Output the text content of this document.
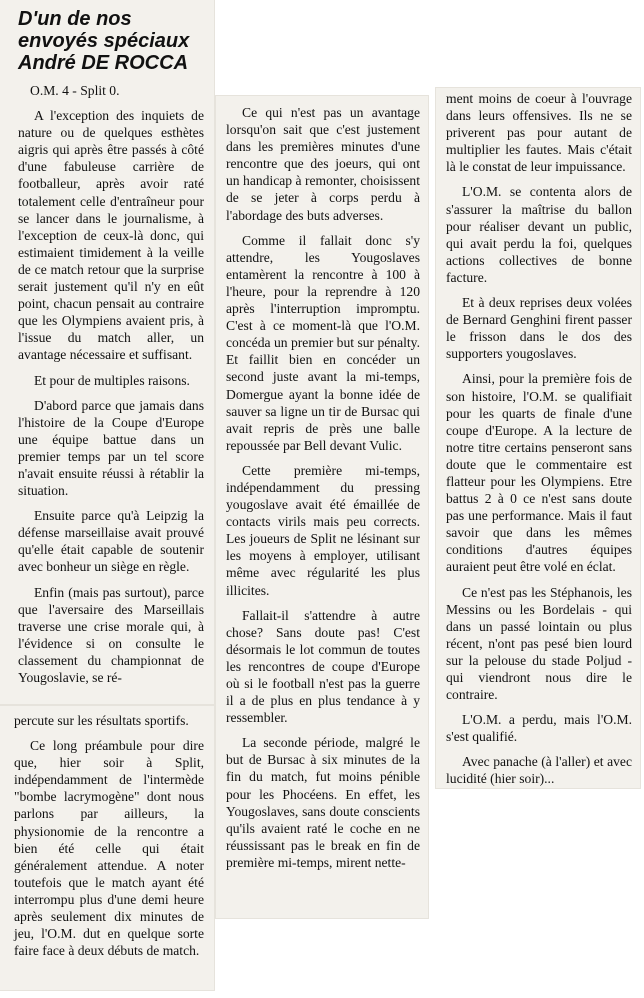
D'un de nos
envoyés spéciaux
André DE ROCCA
O.M. 4 - Split 0.

A l'exception des inquiets de nature ou de quelques esthètes aigris qui après être passés à côté d'une fabuleuse carrière de footballeur, après avoir raté totalement celle d'entraîneur pour se lancer dans le journalisme, à l'exception de ceux-là donc, qui estimaient timidement à la veille de ce match retour que la surprise serait justement qu'il n'y en eût point, chacun pensait au contraire que les Olympiens avaient pris, à l'issue du match aller, un avantage nécessaire et suffisant.

Et pour de multiples raisons.

D'abord parce que jamais dans l'histoire de la Coupe d'Europe une équipe battue dans un premier temps par un tel score n'avait ensuite réussi à rétablir la situation.

Ensuite parce qu'à Leipzig la défense marseillaise avait prouvé qu'elle était capable de soutenir avec bonheur un siège en règle.

Enfin (mais pas surtout), parce que l'aversaire des Marseillais traverse une crise morale qui, à l'évidence si on consulte le classement du championnat de Yougoslavie, se ré-

percute sur les résultats sportifs.

Ce long préambule pour dire que, hier soir à Split, indépendamment de l'intermède "bombe lacrymogène" dont nous parlons par ailleurs, la physionomie de la rencontre a bien été celle qui était généralement attendue. A noter toutefois que le match ayant été interrompu plus d'une demi heure après seulement dix minutes de jeu, l'O.M. dut en quelque sorte faire face à deux débuts de match.

Ce qui n'est pas un avantage lorsqu'on sait que c'est justement dans les premières minutes d'une rencontre que des joeurs, qui ont un handicap à remonter, choisissent de se jeter à corps perdu à l'abordage des buts adverses.

Comme il fallait donc s'y attendre, les Yougoslaves entamèrent la rencontre à 100 à l'heure, pour la reprendre à 120 après l'interruption impromptu. C'est à ce moment-là que l'O.M. concéda un premier but sur pénalty. Et faillit bien en concéder un second juste avant la mi-temps, Domergue ayant la bonne idée de sauver sa ligne un tir de Bursac qui avait repris de près une balle repoussée par Bell devant Vulic.

Cette première mi-temps, indépendamment du pressing yougoslave avait été émaillée de contacts virils mais peu corrects. Les joueurs de Split ne lésinant sur les moyens à employer, utilisant même avec régularité les plus illicites.

Fallait-il s'attendre à autre chose? Sans doute pas! C'est désormais le lot commun de toutes les rencontres de coupe d'Europe où si le football n'est pas la guerre il a de plus en plus tendance à y ressembler.

La seconde période, malgré le but de Bursac à six minutes de la fin du match, fut moins pénible pour les Phocéens. En effet, les Yougoslaves, sans doute conscients qu'ils avaient raté le coche en ne réussissant pas le break en fin de première mi-temps, mirent nette-

ment moins de coeur à l'ouvrage dans leurs offensives. Ils ne se priverent pas pour autant de multiplier les fautes. Mais c'était là le constat de leur impuissance.

L'O.M. se contenta alors de s'assurer la maîtrise du ballon pour réaliser devant un public, qui avait perdu la foi, quelques actions collectives de bonne facture.

Et à deux reprises deux volées de Bernard Genghini firent passer le frisson dans le dos des supporters yougoslaves.

Ainsi, pour la première fois de son histoire, l'O.M. se qualifiait pour les quarts de finale d'une coupe d'Europe. A la lecture de notre titre certains penseront sans doute que le commentaire est flatteur pour les Olympiens. Etre battus 2 à 0 ce n'est sans doute pas une performance. Mais il faut savoir que dans les mêmes conditions d'autres équipes auraient peut être volé en éclat.

Ce n'est pas les Stéphanois, les Messins ou les Bordelais - qui dans un passé lointain ou plus récent, n'ont pas pesé bien lourd sur la pelouse du stade Poljud - qui viendront nous dire le contraire.

L'O.M. a perdu, mais l'O.M. s'est qualifié.

Avec panache (à l'aller) et avec lucidité (hier soir)...
